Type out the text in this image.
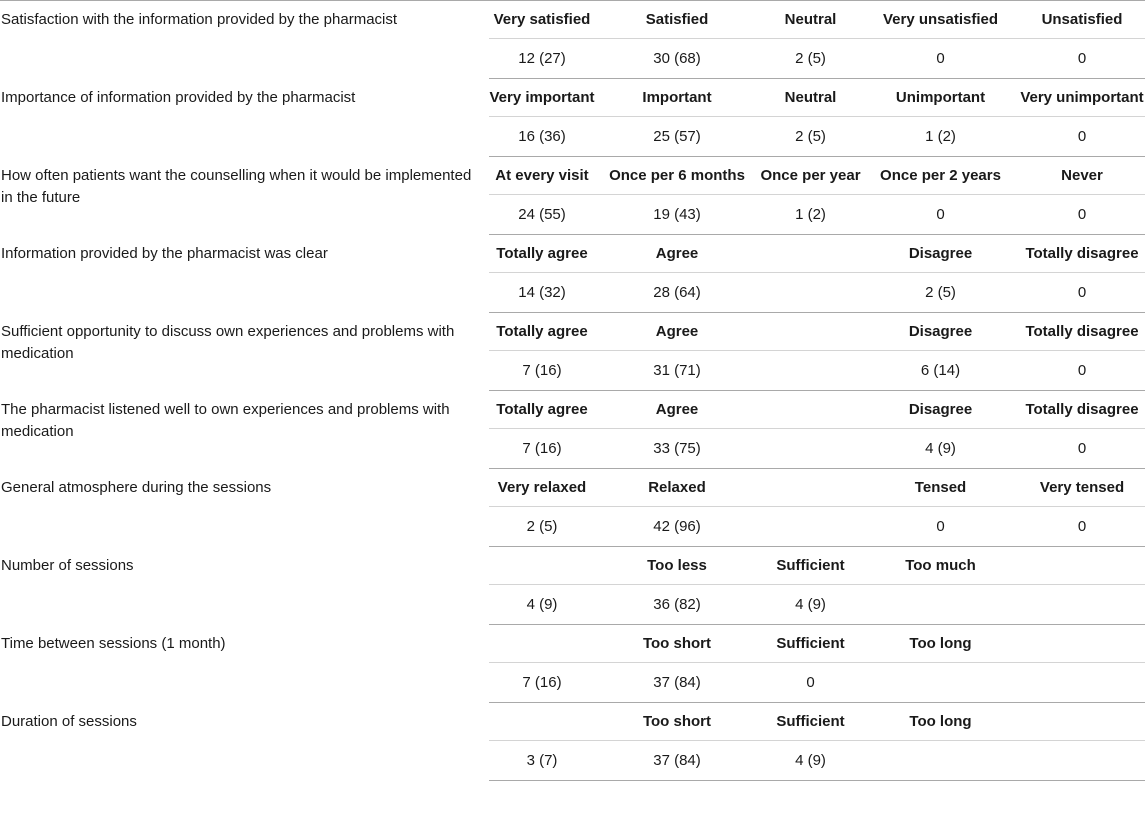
Satisfaction with the information provided by the pharmacist	Very satisfied	Satisfied	Neutral	Very unsatisfied	Unsatisfied
	12 (27)	30 (68)	2 (5)	0	0
Importance of information provided by the pharmacist	Very important	Important	Neutral	Unimportant	Very unimportant
	16 (36)	25 (57)	2 (5)	1 (2)	0
How often patients want the counselling when it would be implemented in the future	At every visit	Once per 6 months	Once per year	Once per 2 years	Never
	24 (55)	19 (43)	1 (2)	0	0
Information provided by the pharmacist was clear	Totally agree	Agree		Disagree	Totally disagree
	14 (32)	28 (64)		2 (5)	0
Sufficient opportunity to discuss own experiences and problems with medication	Totally agree	Agree		Disagree	Totally disagree
	7 (16)	31 (71)		6 (14)	0
The pharmacist listened well to own experiences and problems with medication	Totally agree	Agree		Disagree	Totally disagree
	7 (16)	33 (75)		4 (9)	0
General atmosphere during the sessions	Very relaxed	Relaxed		Tensed	Very tensed
	2 (5)	42 (96)		0	0
Number of sessions		Too less	Sufficient	Too much	
	4 (9)	36 (82)	4 (9)		
Time between sessions (1 month)		Too short	Sufficient	Too long	
	7 (16)	37 (84)	0		
Duration of sessions		Too short	Sufficient	Too long	
	3 (7)	37 (84)	4 (9)		
